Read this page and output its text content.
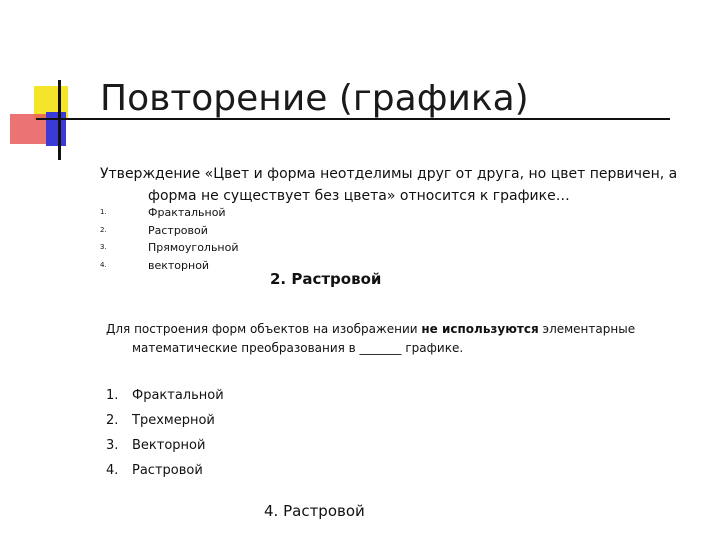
Повторение (графика)
Утверждение «Цвет и форма неотделимы друг от друга, но цвет первичен, а
форма не существует без цвета» относится к графике…
1.	Фрактальной
2.	Растровой
3.	Прямоугольной
4.	векторной
2. Растровой
Для построения форм объектов на изображении не используются элементарные
математические преобразования в _______ графике.
1. Фрактальной
2. Трехмерной
3. Векторной
4. Растровой
4. Растровой
